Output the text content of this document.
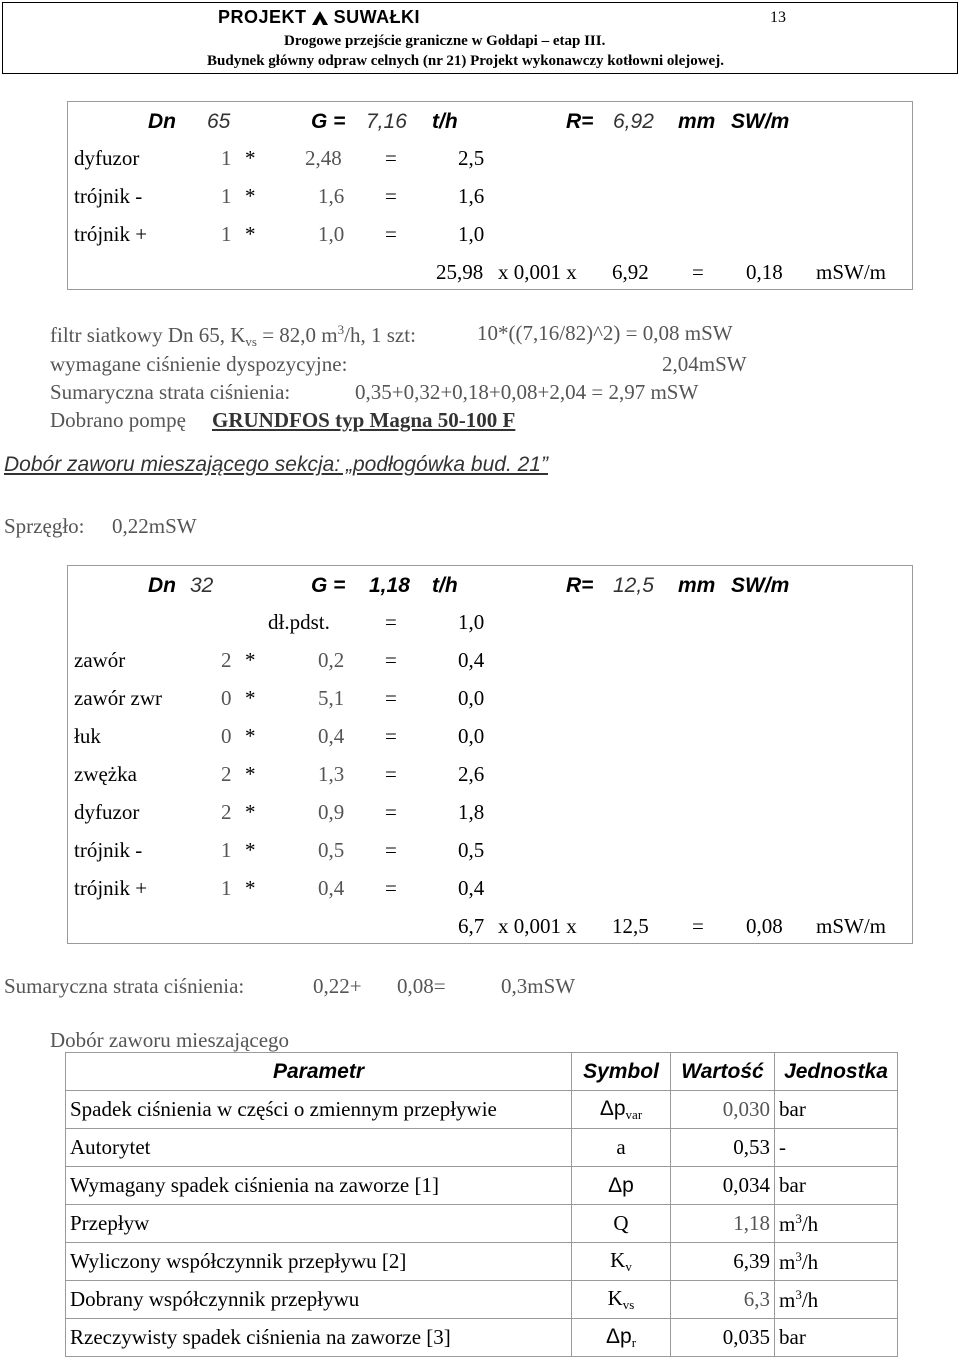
PROJEKT SUWAŁKI	13
Drogowe przejście graniczne w Gołdapi – etap III.
Budynek główny odpraw celnych (nr 21) Projekt wykonawczy kotłowni olejowej.
Dn 65	G = 7,16 t/h	R= 6,92 mm SW/m
dyfuzor	1 * 2,48 =	2,5
trójnik -	1 *	1,6 =	1,6
trójnik +	1 *	1,0 =	1,0
25,98 x 0,001 x 6,92 = 0,18 mSW/m
filtr siatkowy Dn 65, $K_{vs} = 82,0$ $m^3/h$, 1 szt:	10*((7,16/82)^2) = 0,08 mSW
wymagane ciśnienie dyspozycyjne:	2,04mSW
Sumaryczna strata ciśnienia:	0,35+0,32+0,18+0,08+2,04 = 2,97 mSW
Dobrano pompę GRUNDFOS typ Magna 50-100 F
Dobór zaworu mieszającego sekcja: „podłogówka bud. 21”
Sprzęgło: 0,22mSW
Dn 32	G = 1,18 t/h	R= 12,5 mm SW/m
dł.pdst.	=	1,0
zawór	2 *	0,2 =	0,4
zawór zwr	0 *	5,1 =	0,0
łuk	0 *	0,4 =	0,0
zwężka	2 *	1,3 =	2,6
dyfuzor	2 *	0,9 =	1,8
trójnik -	1 *	0,5 =	0,5
trójnik +	1 *	0,4 =	0,4
6,7 x 0,001 x 12,5 = 0,08 mSW/m
Sumaryczna strata ciśnienia:	0,22+ 0,08=	0,3mSW
Dobór zaworu mieszającego
Parametr	Symbol	Wartość	Jednostka
Spadek ciśnienia w części o zmiennym przepływie	$\Delta p_{var}$	0,030	bar
Autorytet	a	0,53	-
Wymagany spadek ciśnienia na zaworze [1]	Δp	0,034	bar
Przepływ	Q	1,18	$m^3/h$
Wyliczony współczynnik przepływu [2]	$K_v$	6,39	$m^3/h$
Dobrany współczynnik przepływu	$K_{vs}$	6,3	$m^3/h$
Rzeczywisty spadek ciśnienia na zaworze [3]	$\Delta p_r$	0,035	bar
